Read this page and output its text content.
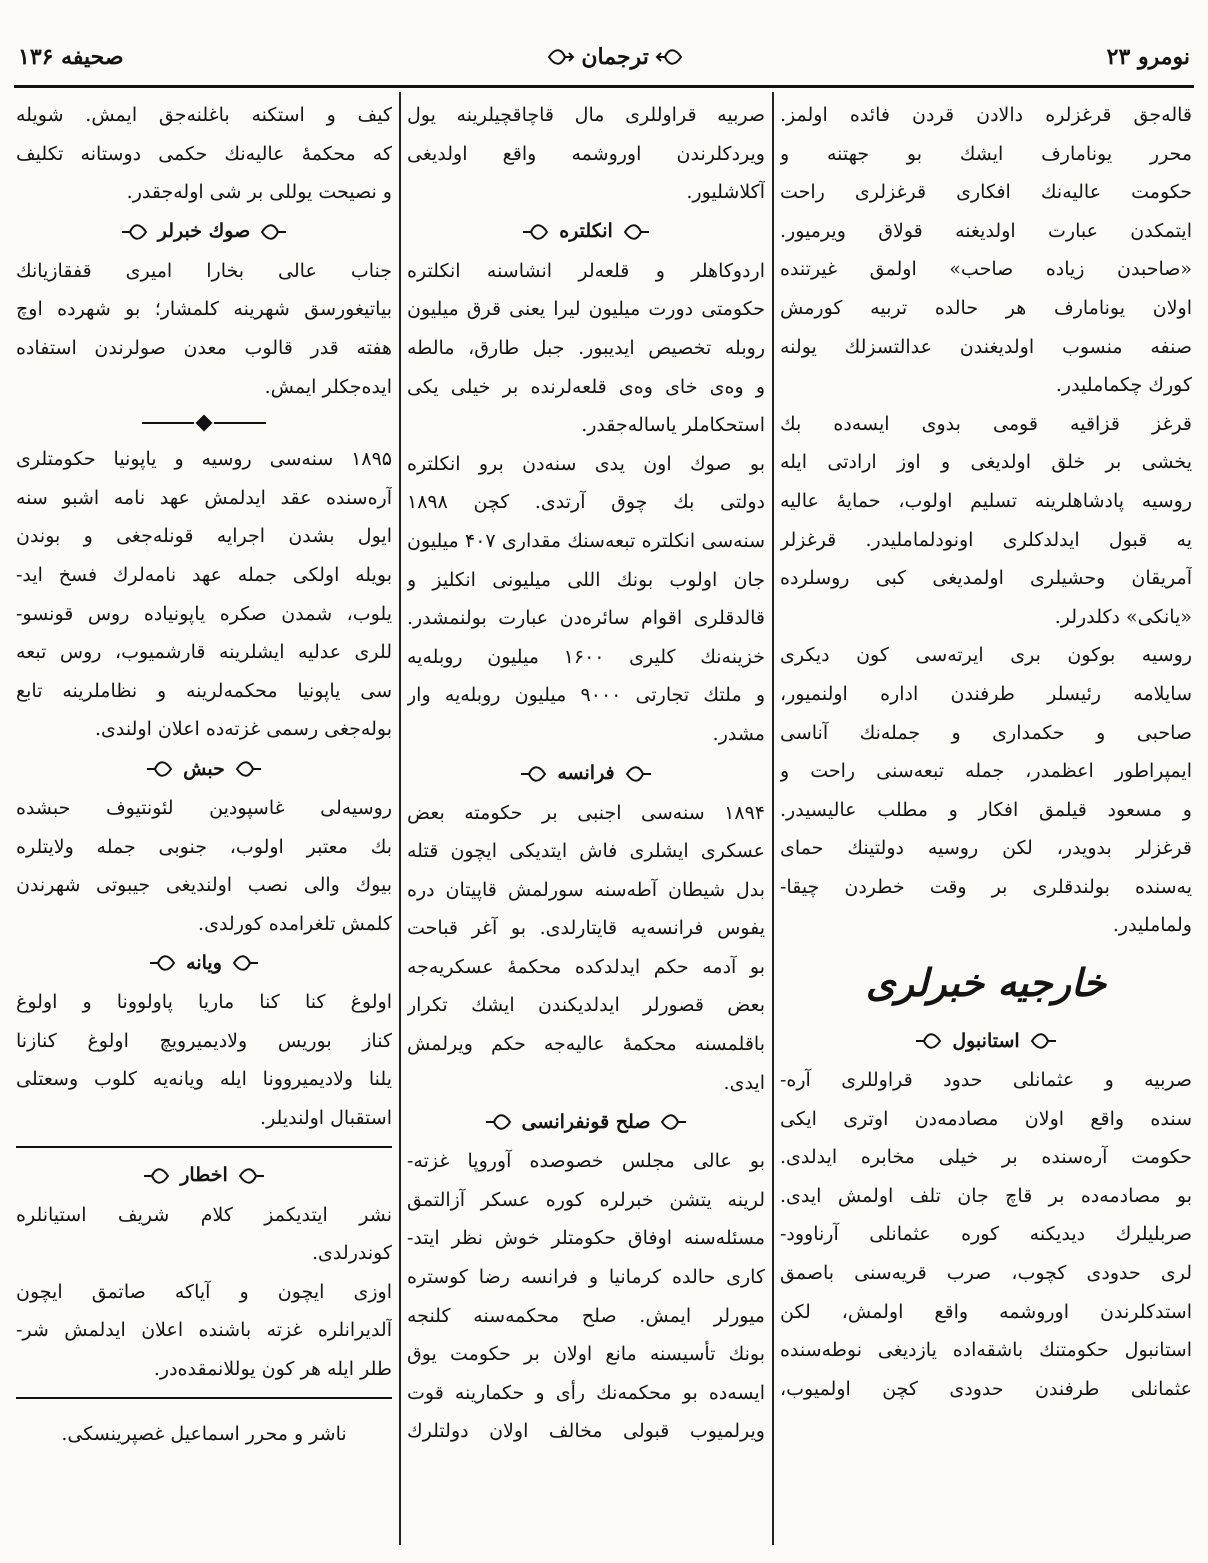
۱۳۶ صحیفه	ترجمان	نومرو ۲۳
قاله‌جق قرغزلره دالادن قردن فائده اولمز.
محرر یونامارف ایشك بو جهتنه و
حکومت عالیه‌نك افکاری قرغزلری راحت
ایتمکدن عبارت اولدیغنه قولاق ویرمیور.
«صاحبدن زیاده صاحب» اولمق غیرتنده
اولان یونامارف هر حالده تربیه کورمش
صنفه منسوب اولدیغندن عدالتسزلك یولنه
کورك چکمامليدر.
قرغز قزاقیه قومی بدوی ایسه‌ده بك
یخشی بر خلق اولدیغی و اوز ارادتی ایله
روسیه پادشاهلرینه تسلیم اولوب، حمایهٔ عالیه‌
یه قبول ایدلدکلری اونودلمامليدر. قرغزلر
آمریقان وحشیلری اولمدیغی کبی روسلرده
«یانکی» دکلدرلر.
روسیه بوکون بری ایرته‌سی کون دیکری
سایلامه رئیسلر طرفندن اداره اولنمیور،
صاحبی و حکمداری و جمله‌نك آناسی
ایمپراطور اعظمدر، جمله تبعه‌سنی راحت و
و مسعود قیلمق افکار و مطلب عالیسیدر.
قرغزلر بدویدر، لکن روسیه دولتینك حمای
یه‌سنده بولندقلری بر وقت خطردن چیقا-
ولمامليدر.
خارجیه خبرلری
استانبول
صربیه و عثمانلی حدود قراوللری آره-
سنده واقع اولان مصادمه‌دن اوتری ایکی
حکومت آره‌سنده بر خیلی مخابره ایدلدی.
بو مصادمه‌ده بر قاچ جان تلف اولمش ایدی.
صربلیلرك دیدیکنه کوره عثمانلی آرناوود-
لری حدودی کچوب، صرب قریه‌سنی باصمق
استدکلرندن اوروشمه واقع اولمش، لکن
استانبول حکومتنك باشقه‌اده یازدیغی نوطه‌سنده
عثمانلی طرفندن حدودی کچن اولمیوب،
صربیه قراوللری مال قاچاقچیلرینه یول
ویردکلرندن اوروشمه واقع اولدیغی
آکلاشلیور.
انکلتره
اردوکاهلر و قلعه‌لر انشاسنه انکلتره
حکومتی دورت میلیون لیرا یعنی قرق میلیون
روبله تخصیص ایدیبور. جبل طارق، مالطه
و وه‌ی خای وه‌ی قلعه‌لرنده بر خیلی یکی
استحکاملر یاساله‌جقدر.
بو صوك اون یدی سنه‌دن برو انکلتره
دولتی بك چوق آرتدی. کچن ۱۸۹۸
سنه‌سی انکلتره تبعه‌سنك مقداری ۴۰۷ میلیون
جان اولوب بونك اللی میلیونی انکلیز و
قالدقلری اقوام سائره‌دن عبارت بولنمشدر.
خزینه‌نك کلیری ۱۶۰۰ میلیون روبله‌یه
و ملتك تجارتی ۹۰۰۰ میلیون روبله‌یه وار
مشدر.
فرانسه
۱۸۹۴ سنه‌سی اجنبی بر حکومته بعض
عسکری ایشلری فاش ایتدیکی ایچون قتله
بدل شیطان آطه‌سنه سورلمش قاپیتان دره
یفوس فرانسه‌یه قایتارلدی. بو آغر قباحت
بو آدمه حکم ایدلدکده محکمهٔ عسکریه‌جه
بعض قصورلر ایدلدیکندن ایشك تکرار
باقلمسنه محکمهٔ عالیه‌جه حکم ویرلمش
ایدی.
صلح قونفرانسی
بو عالی مجلس خصوصده آوروپا غزته-
لرینه یتشن خبرلره کوره عسکر آزالتمق
مسئله‌سنه اوفاق حکومتلر خوش نظر ایتد-
کاری حالده کرمانیا و فرانسه رضا کوستره
میورلر ایمش. صلح محکمه‌سنه کلنجه
بونك تأسیسنه مانع اولان بر حکومت یوق
ایسه‌ده بو محکمه‌نك رأی و حکمارینه قوت
ویرلمیوب قبولی مخالف اولان دولتلرك
کیف و استکنه باغلنه‌جق ایمش. شویله
که محکمهٔ عالیه‌نك حکمی دوستانه تکلیف
و نصیحت یوللی بر شی اوله‌جقدر.
صوك خبرلر
جناب عالی بخارا امیری قفقازیانك
بیاتیغورسق شهرینه کلمشار؛ بو شهرده اوچ
هفته قدر قالوب معدن صولرندن استفاده
ایده‌جکلر ایمش.
۱۸۹۵ سنه‌سی روسیه و یاپونیا حکومتلری
آره‌سنده عقد ایدلمش عهد نامه اشبو سنه
ایول بشدن اجرایه قونله‌جغی و بوندن
بویله اولکی جمله عهد نامه‌لرك فسخ اید-
یلوب، شمدن صکره یاپونیاده روس قونسو-
للری عدلیه ایشلرینه قارشمیوب، روس تبعه
سی یاپونیا محکمه‌لرینه و نظاملرینه تابع
بوله‌جغی رسمی غزته‌ده اعلان اولندی.
حبش
روسیه‌لی غاسپودین لئونتیوف حبشده
بك معتبر اولوب، جنوبی جمله ولایتلره
بیوك والی نصب اولندیغی جیبوتی شهرندن
کلمش تلغرامده کورلدی.
ویانه
اولوغ کنا کنا ماریا پاولوونا و اولوغ
کناز بوریس ولادیمیرویچ اولوغ کنازنا
یلنا ولادیمیروونا ایله ویانه‌یه کلوب وسعتلی
استقبال اولندیلر.
اخطار
نشر ایتدیکمز کلام شریف استیانلره
کوندرلدی.
اوزی ایچون و آیاکه صاتمق ایچون
آلدیرانلره غزته باشنده اعلان ایدلمش شر-
طلر ایله هر کون یوللانمقده‌در.
ناشر و محرر اسماعیل غصپرینسکی.
